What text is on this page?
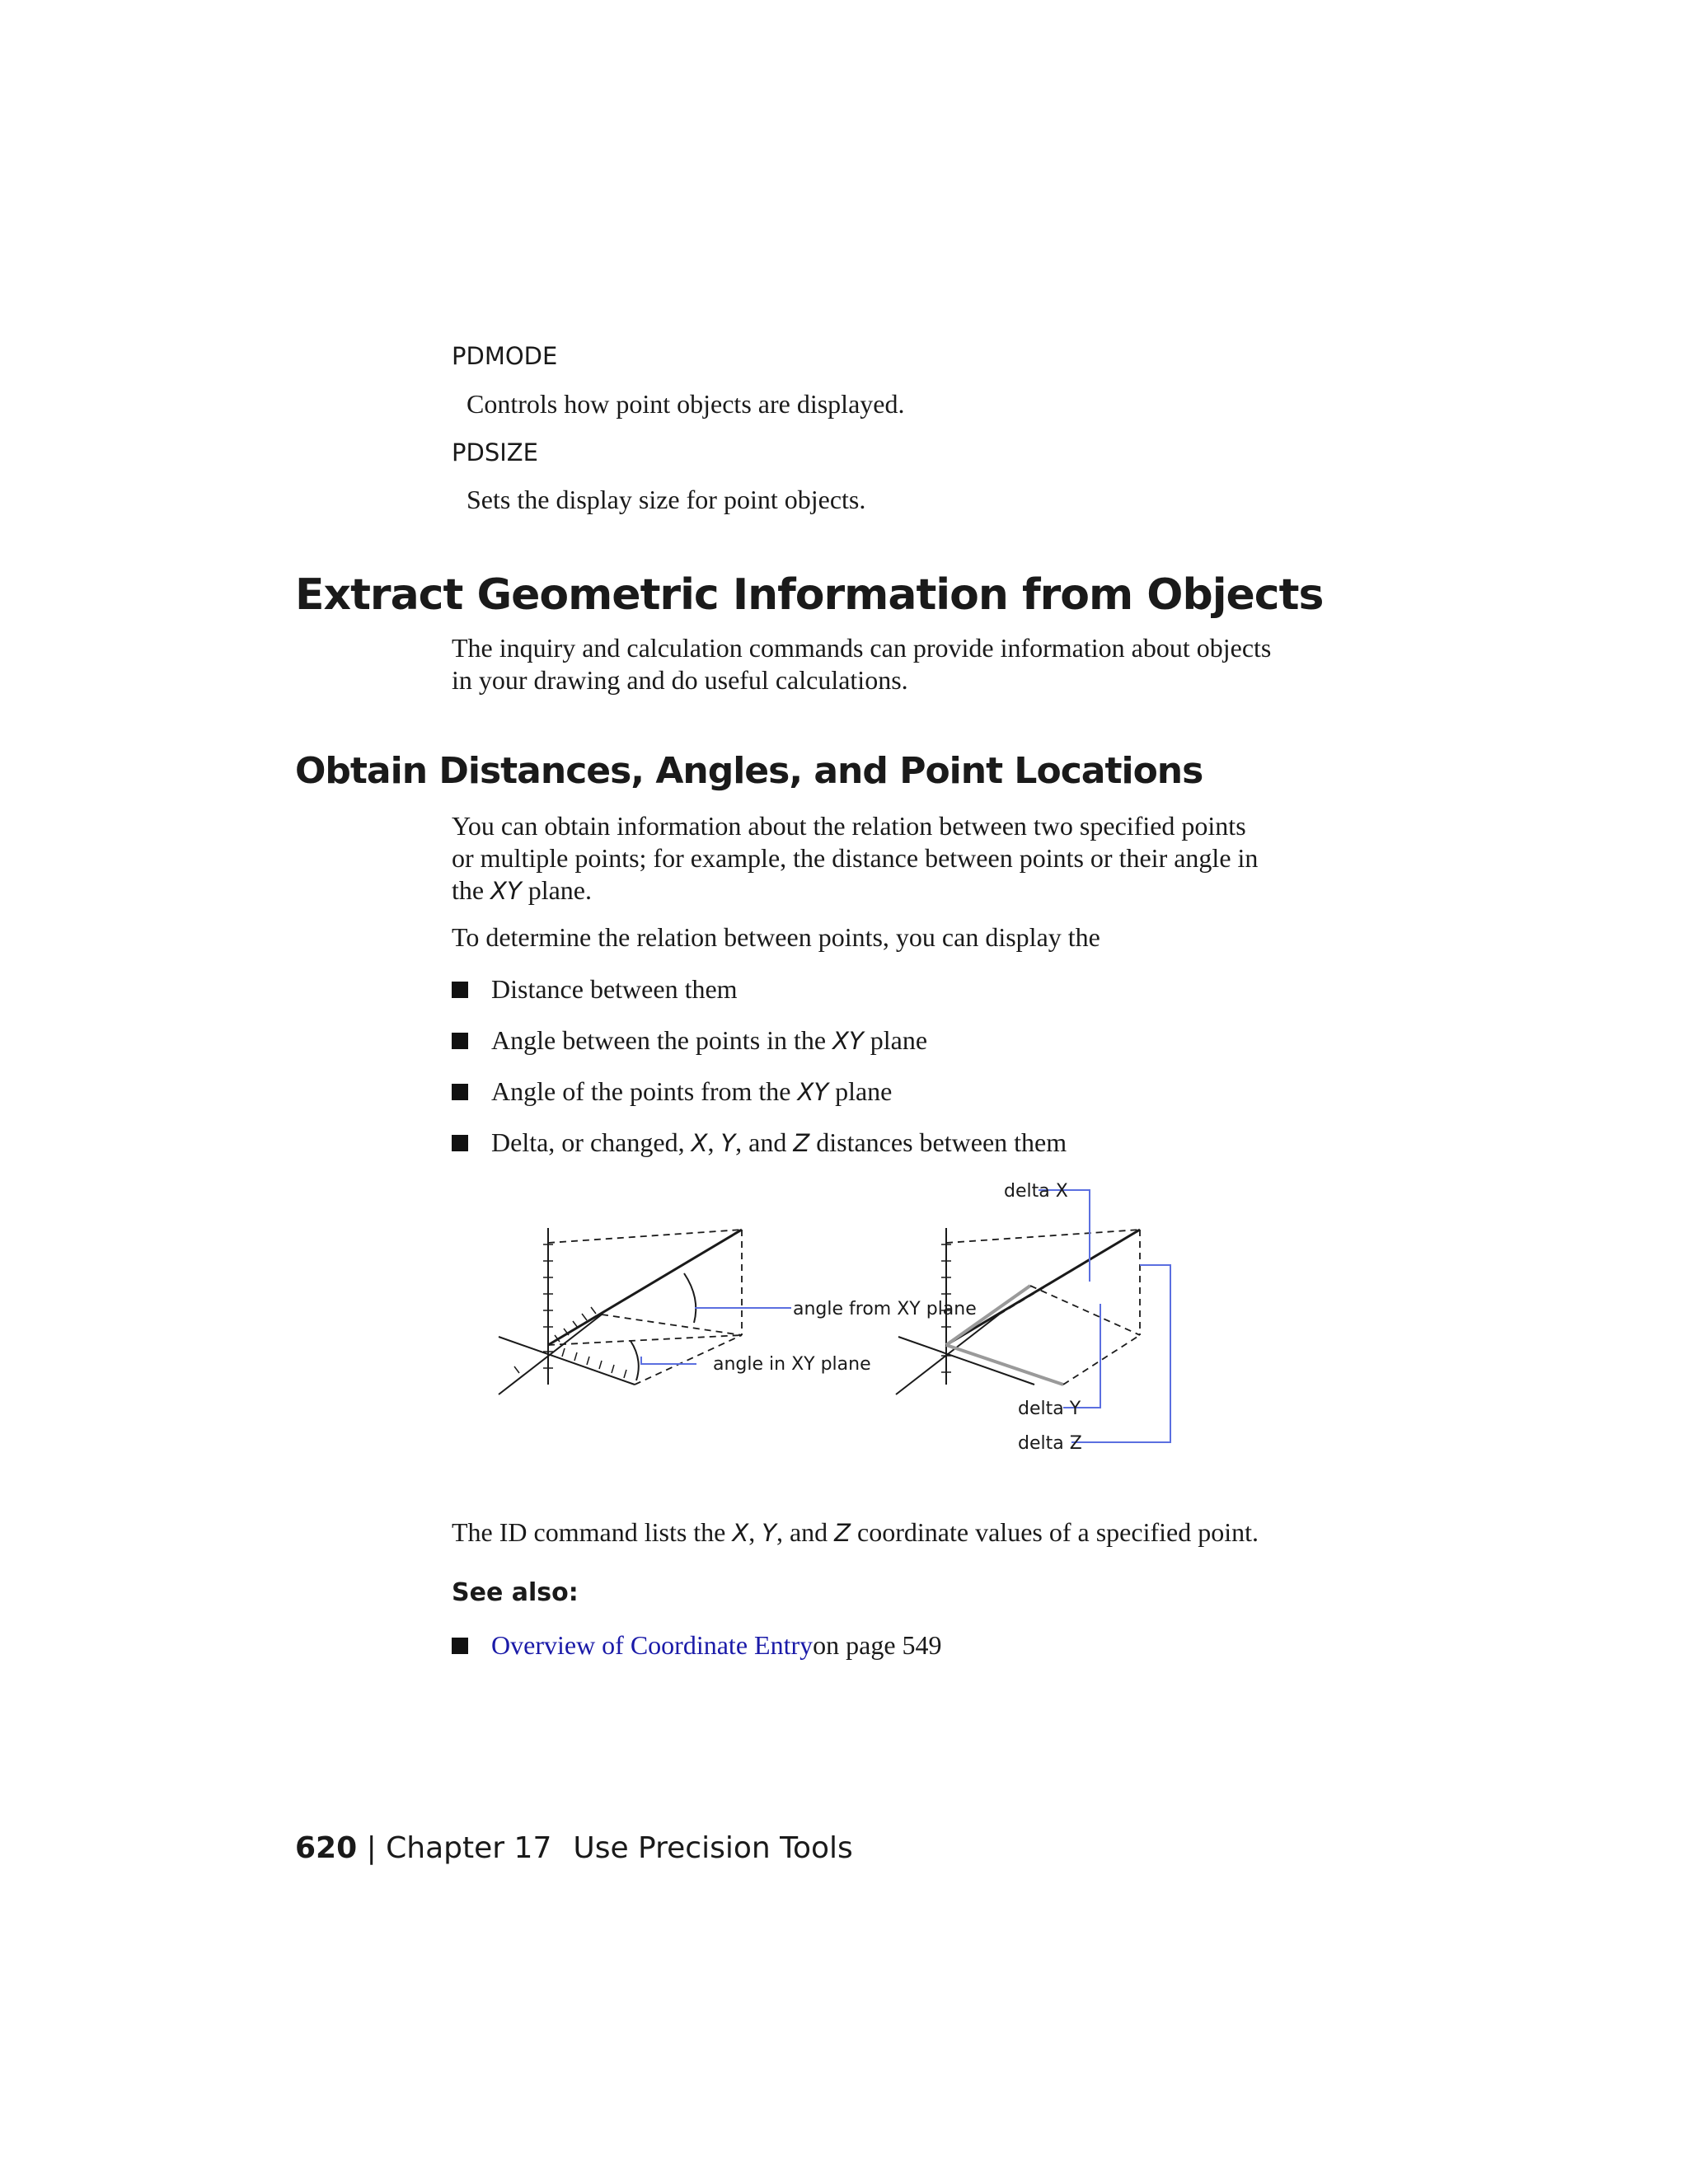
PDMODE
Controls how point objects are displayed.
PDSIZE
Sets the display size for point objects.
Extract Geometric Information from Objects
The inquiry and calculation commands can provide information about objects
in your drawing and do useful calculations.
Obtain Distances, Angles, and Point Locations
You can obtain information about the relation between two specified points
or multiple points; for example, the distance between points or their angle in
the XY plane.
To determine the relation between points, you can display the
Distance between them
Angle between the points in the XY plane
Angle of the points from the XY plane
Delta, or changed, X, Y, and Z distances between them
angle from XY plane
angle in XY plane
delta X
delta Y
delta Z
The ID command lists the X, Y, and Z coordinate values of a specified point.
See also:
Overview of Coordinate Entry on page 549
620 | Chapter 17 Use Precision Tools
